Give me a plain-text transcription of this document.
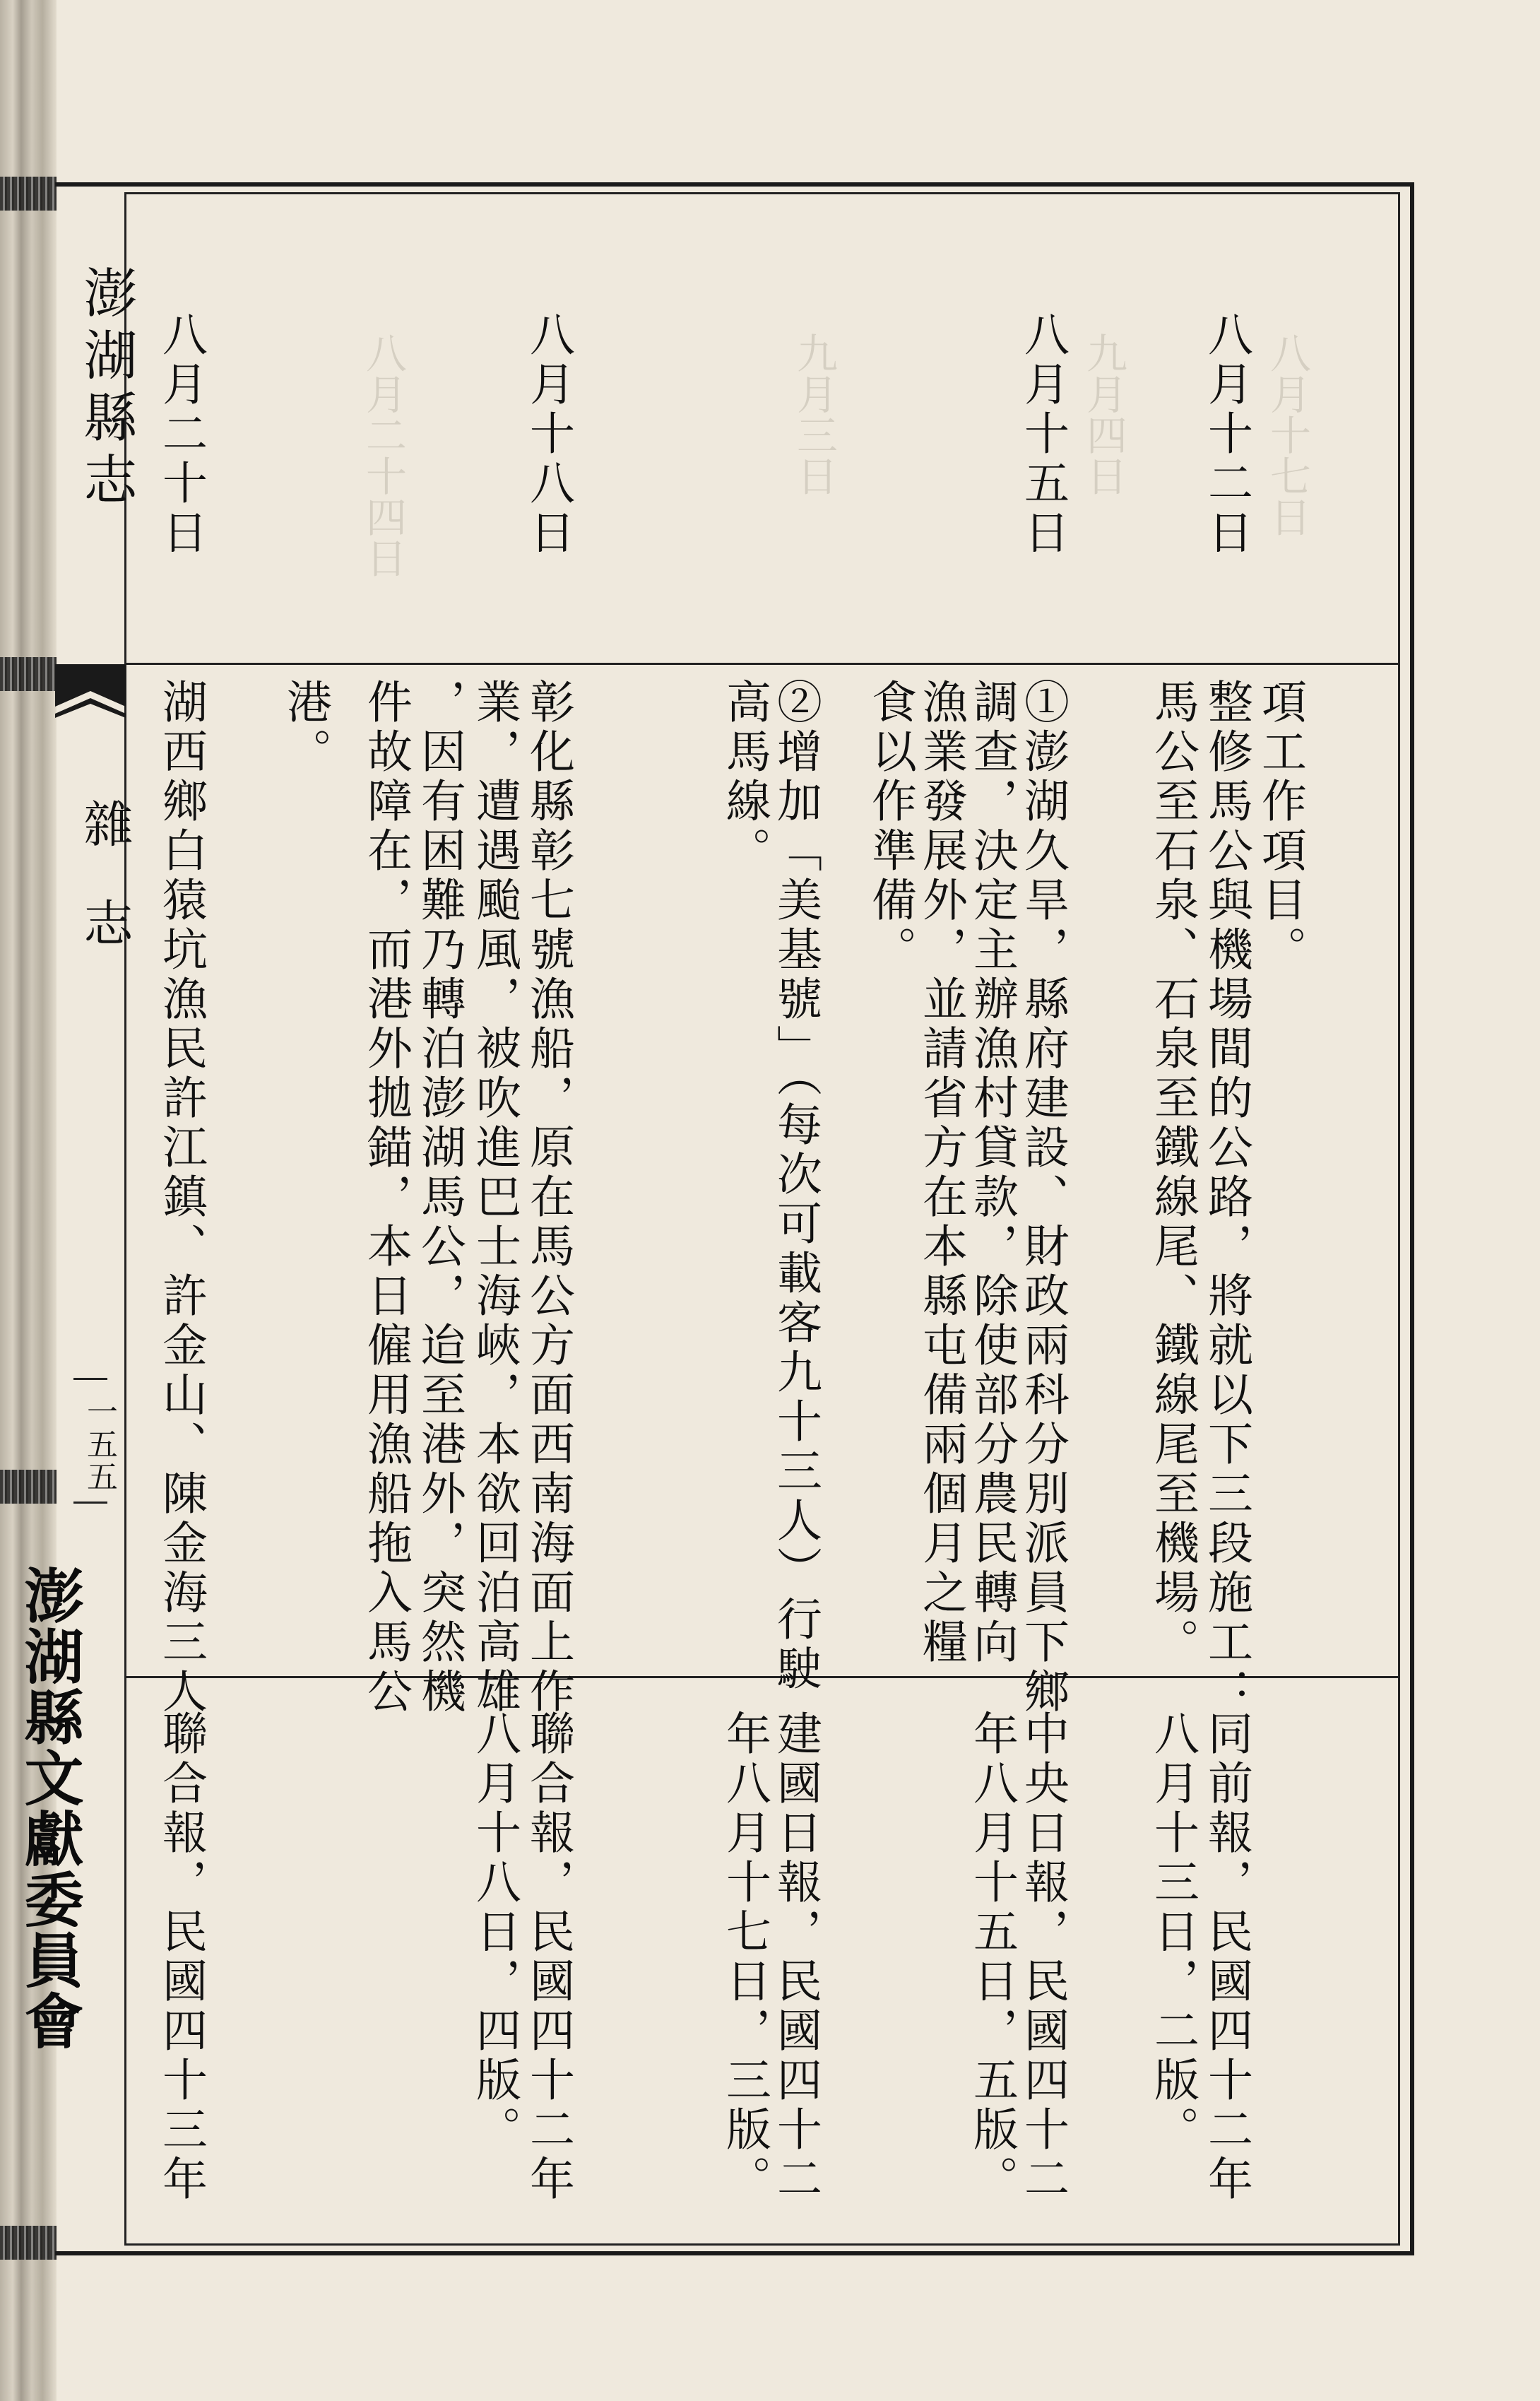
八月十七日
九月四日
九月三日
八月二十四日
澎湖縣志
雜志
一五五
澎湖縣文獻委員會
八月十二日
整修馬公與機場間的公路，將就以下三段施工：
馬公至石泉、石泉至鐵線尾、鐵線尾至機場。
同前報，民國四十二年
八月十三日，二版。
項工作項目。
八月十五日
①澎湖久旱，縣府建設、財政兩科分別派員下鄉
調查，決定主辦漁村貸款，除使部分農民轉向
漁業發展外，並請省方在本縣屯備兩個月之糧
食以作準備。
②增加「美基號」（每次可載客九十三人）行駛
高馬線。
中央日報，民國四十二
年八月十五日，五版。
建國日報，民國四十二
年八月十七日，三版。
八月十八日
彰化縣彰七號漁船，原在馬公方面西南海面上作
業，遭遇颱風，被吹進巴士海峽，本欲回泊高雄
，因有困難乃轉泊澎湖馬公，迨至港外，突然機
件故障在，而港外拋錨，本日僱用漁船拖入馬公
港。
聯合報，民國四十二年
八月十八日，四版。
八月二十日
湖西鄉白猿坑漁民許江鎮、許金山、陳金海三人
聯合報，民國四十三年
